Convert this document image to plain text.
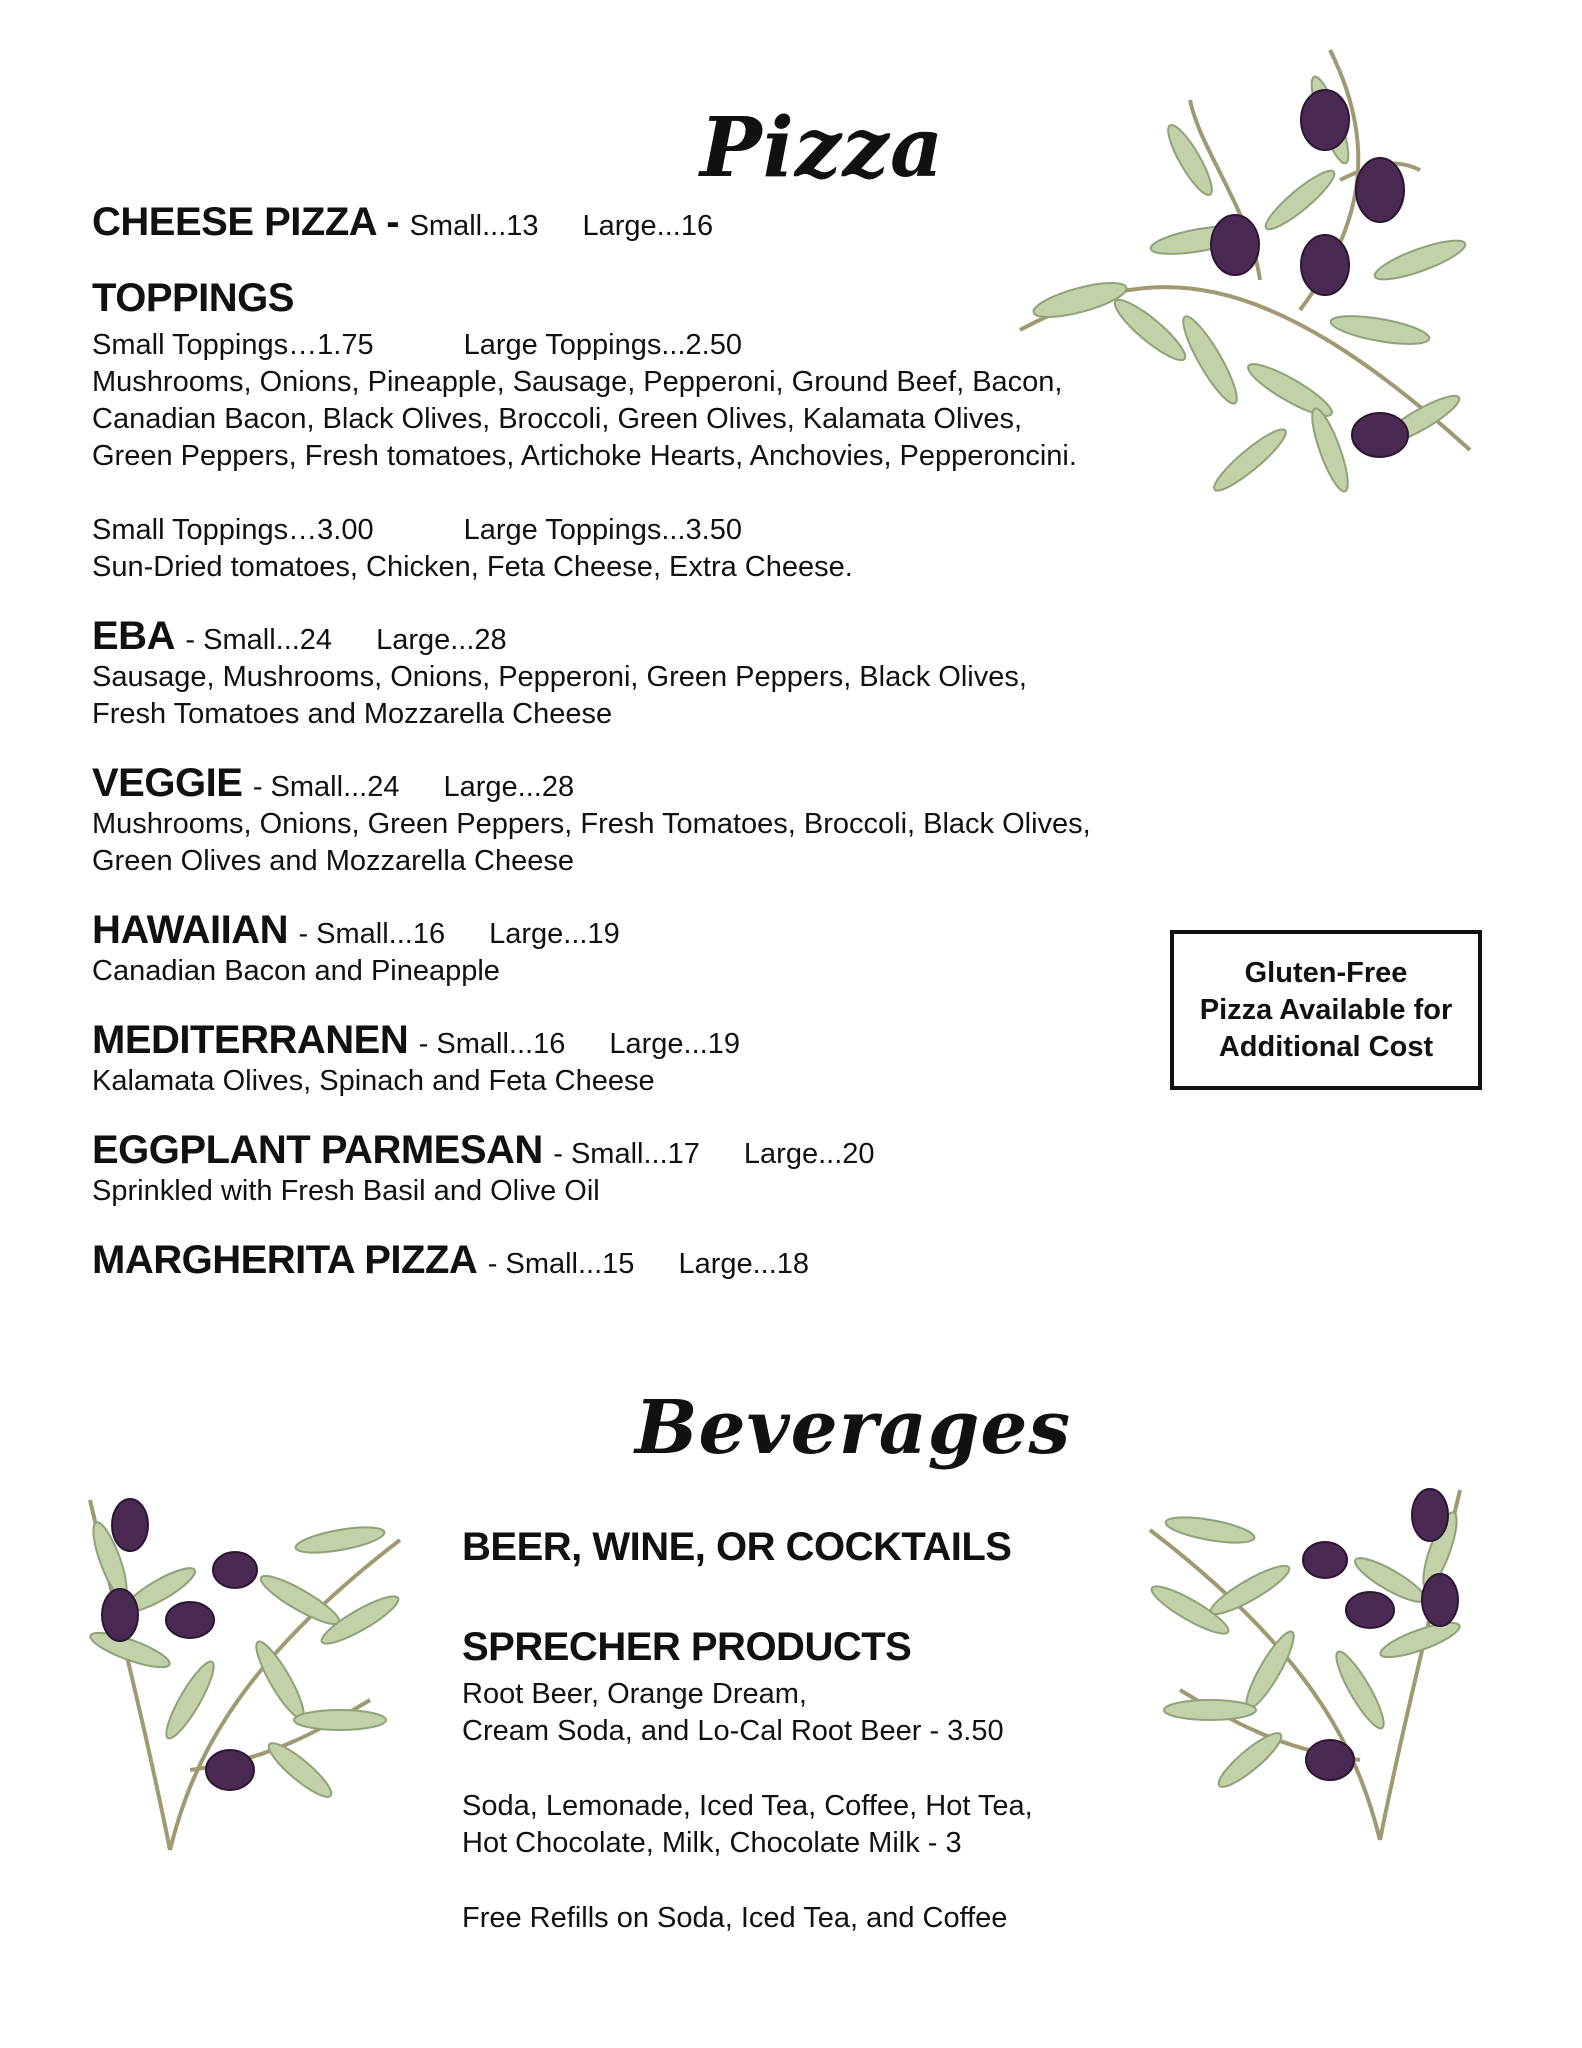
Pizza
CHEESE PIZZA - Small...13 Large...16
TOPPINGS

Small Toppings…1.75	Large Toppings...2.50

Mushrooms, Onions, Pineapple, Sausage, Pepperoni, Ground Beef, Bacon,

Canadian Bacon, Black Olives, Broccoli, Green Olives, Kalamata Olives,

Green Peppers, Fresh tomatoes, Artichoke Hearts, Anchovies, Pepperoncini.

Small Toppings…3.00	Large Toppings...3.50

Sun-Dried tomatoes, Chicken, Feta Cheese, Extra Cheese.

EBA - Small...24 Large...28

Sausage, Mushrooms, Onions, Pepperoni, Green Peppers, Black Olives,

Fresh Tomatoes and Mozzarella Cheese

VEGGIE - Small...24 Large...28

Mushrooms, Onions, Green Peppers, Fresh Tomatoes, Broccoli, Black Olives,

Green Olives and Mozzarella Cheese

HAWAIIAN - Small...16 Large...19

Canadian Bacon and Pineapple

MEDITERRANEN - Small...16 Large...19

Kalamata Olives, Spinach and Feta Cheese

EGGPLANT PARMESAN - Small...17 Large...20

Sprinkled with Fresh Basil and Olive Oil

MARGHERITA PIZZA - Small...15 Large...18
Gluten-Free
Pizza Available for
Additional Cost
Beverages
BEER, WINE, OR COCKTAILS
SPRECHER PRODUCTS

Root Beer, Orange Dream,

Cream Soda, and Lo-Cal Root Beer - 3.50

Soda, Lemonade, Iced Tea, Coffee, Hot Tea,

Hot Chocolate, Milk, Chocolate Milk - 3

Free Refills on Soda, Iced Tea, and Coffee
